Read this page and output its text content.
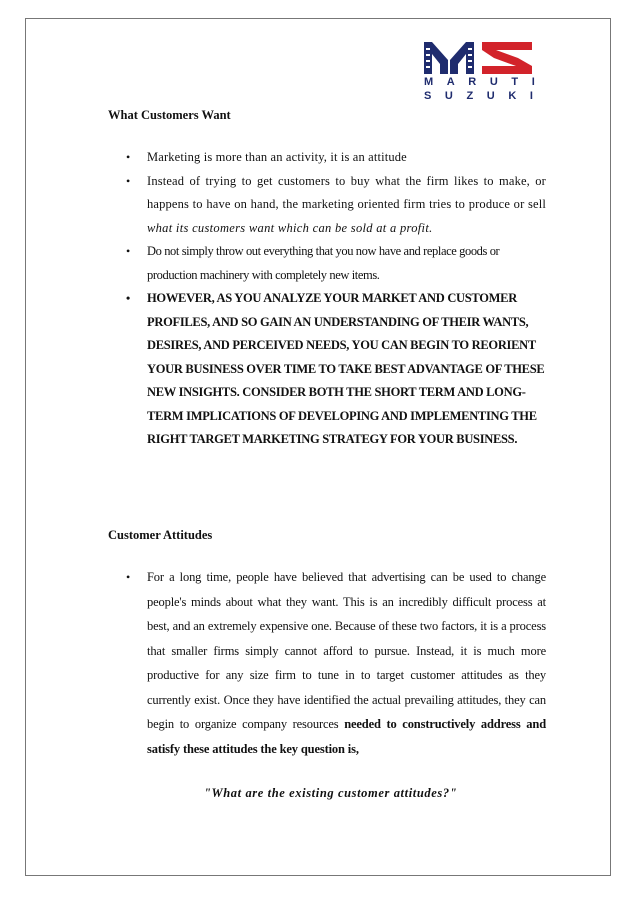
MARUTI
SUZUKI
What Customers Want
• Marketing is more than an activity, it is an attitude
• Instead of trying to get customers to buy what the firm likes to make, or happens to have on hand, the marketing oriented firm tries to produce or sell what its customers want which can be sold at a profit.
• Do not simply throw out everything that you now have and replace goods or production machinery with completely new items.
• HOWEVER, AS YOU ANALYZE YOUR MARKET AND CUSTOMER PROFILES, AND SO GAIN AN UNDERSTANDING OF THEIR WANTS, DESIRES, AND PERCEIVED NEEDS, YOU CAN BEGIN TO REORIENT YOUR BUSINESS OVER TIME TO TAKE BEST ADVANTAGE OF THESE NEW INSIGHTS. CONSIDER BOTH THE SHORT TERM AND LONG-TERM IMPLICATIONS OF DEVELOPING AND IMPLEMENTING THE RIGHT TARGET MARKETING STRATEGY FOR YOUR BUSINESS.
Customer Attitudes
• For a long time, people have believed that advertising can be used to change people's minds about what they want. This is an incredibly difficult process at best, and an extremely expensive one. Because of these two factors, it is a process that smaller firms simply cannot afford to pursue. Instead, it is much more productive for any size firm to tune in to target customer attitudes as they currently exist. Once they have identified the actual prevailing attitudes, they can begin to organize company resources needed to constructively address and satisfy these attitudes the key question is,
"What are the existing customer attitudes?"
